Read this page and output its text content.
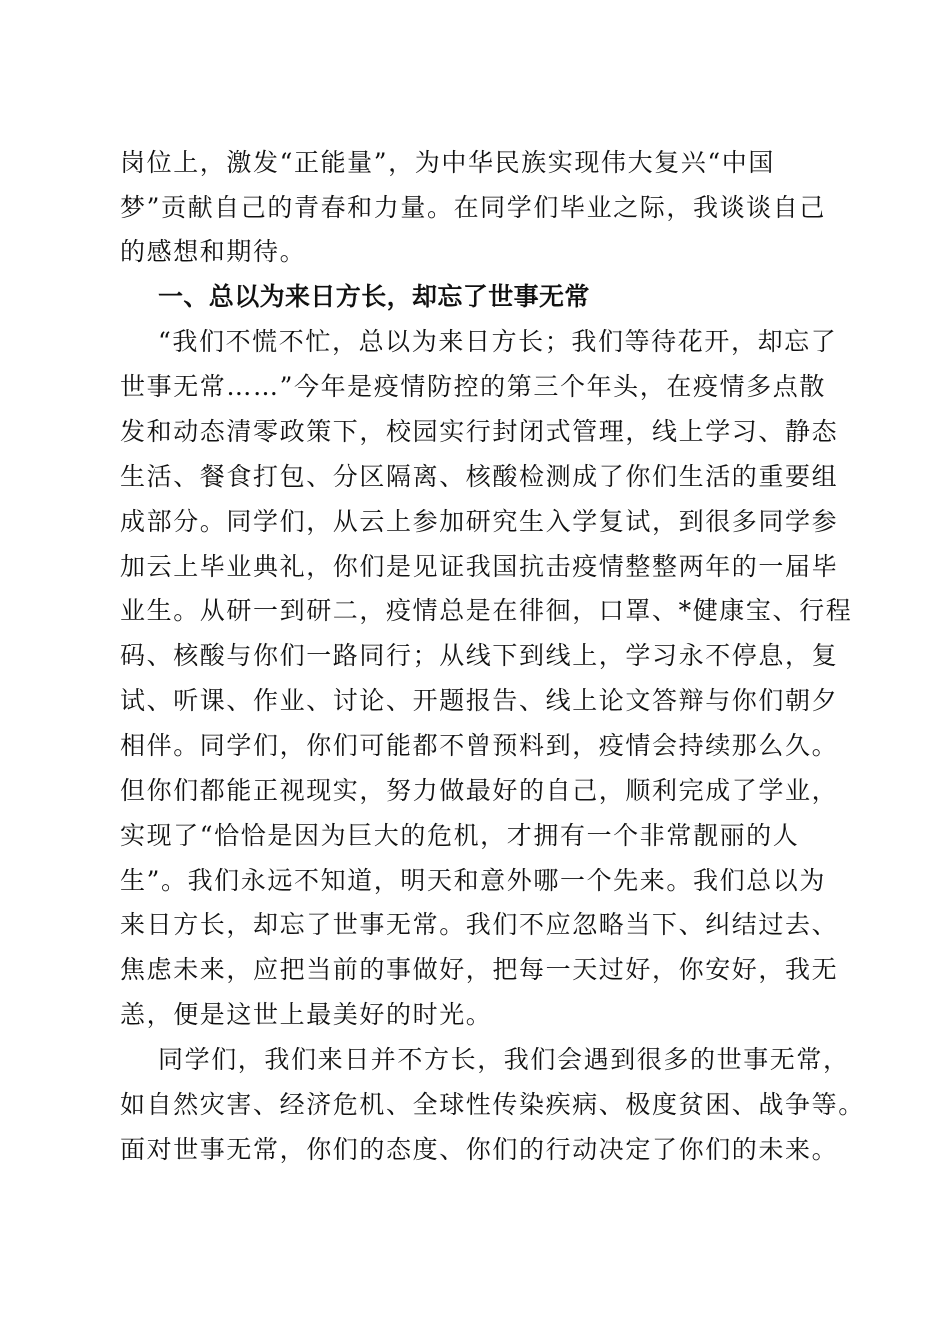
岗位上，激发“正能量”，为中华民族实现伟大复兴“中国
梦”贡献自己的青春和力量。在同学们毕业之际，我谈谈自己
的感想和期待。
一、总以为来日方长，却忘了世事无常
“我们不慌不忙，总以为来日方长；我们等待花开，却忘了
世事无常……”今年是疫情防控的第三个年头，在疫情多点散
发和动态清零政策下，校园实行封闭式管理，线上学习、静态
生活、餐食打包、分区隔离、核酸检测成了你们生活的重要组
成部分。同学们，从云上参加研究生入学复试，到很多同学参
加云上毕业典礼，你们是见证我国抗击疫情整整两年的一届毕
业生。从研一到研二，疫情总是在徘徊，口罩、*健康宝、行程
码、核酸与你们一路同行；从线下到线上，学习永不停息，复
试、听课、作业、讨论、开题报告、线上论文答辩与你们朝夕
相伴。同学们，你们可能都不曾预料到，疫情会持续那么久。
但你们都能正视现实，努力做最好的自己，顺利完成了学业，
实现了“恰恰是因为巨大的危机，才拥有一个非常靓丽的人
生”。我们永远不知道，明天和意外哪一个先来。我们总以为
来日方长，却忘了世事无常。我们不应忽略当下、纠结过去、
焦虑未来，应把当前的事做好，把每一天过好，你安好，我无
恙，便是这世上最美好的时光。
同学们，我们来日并不方长，我们会遇到很多的世事无常，
如自然灾害、经济危机、全球性传染疾病、极度贫困、战争等。
面对世事无常，你们的态度、你们的行动决定了你们的未来。
